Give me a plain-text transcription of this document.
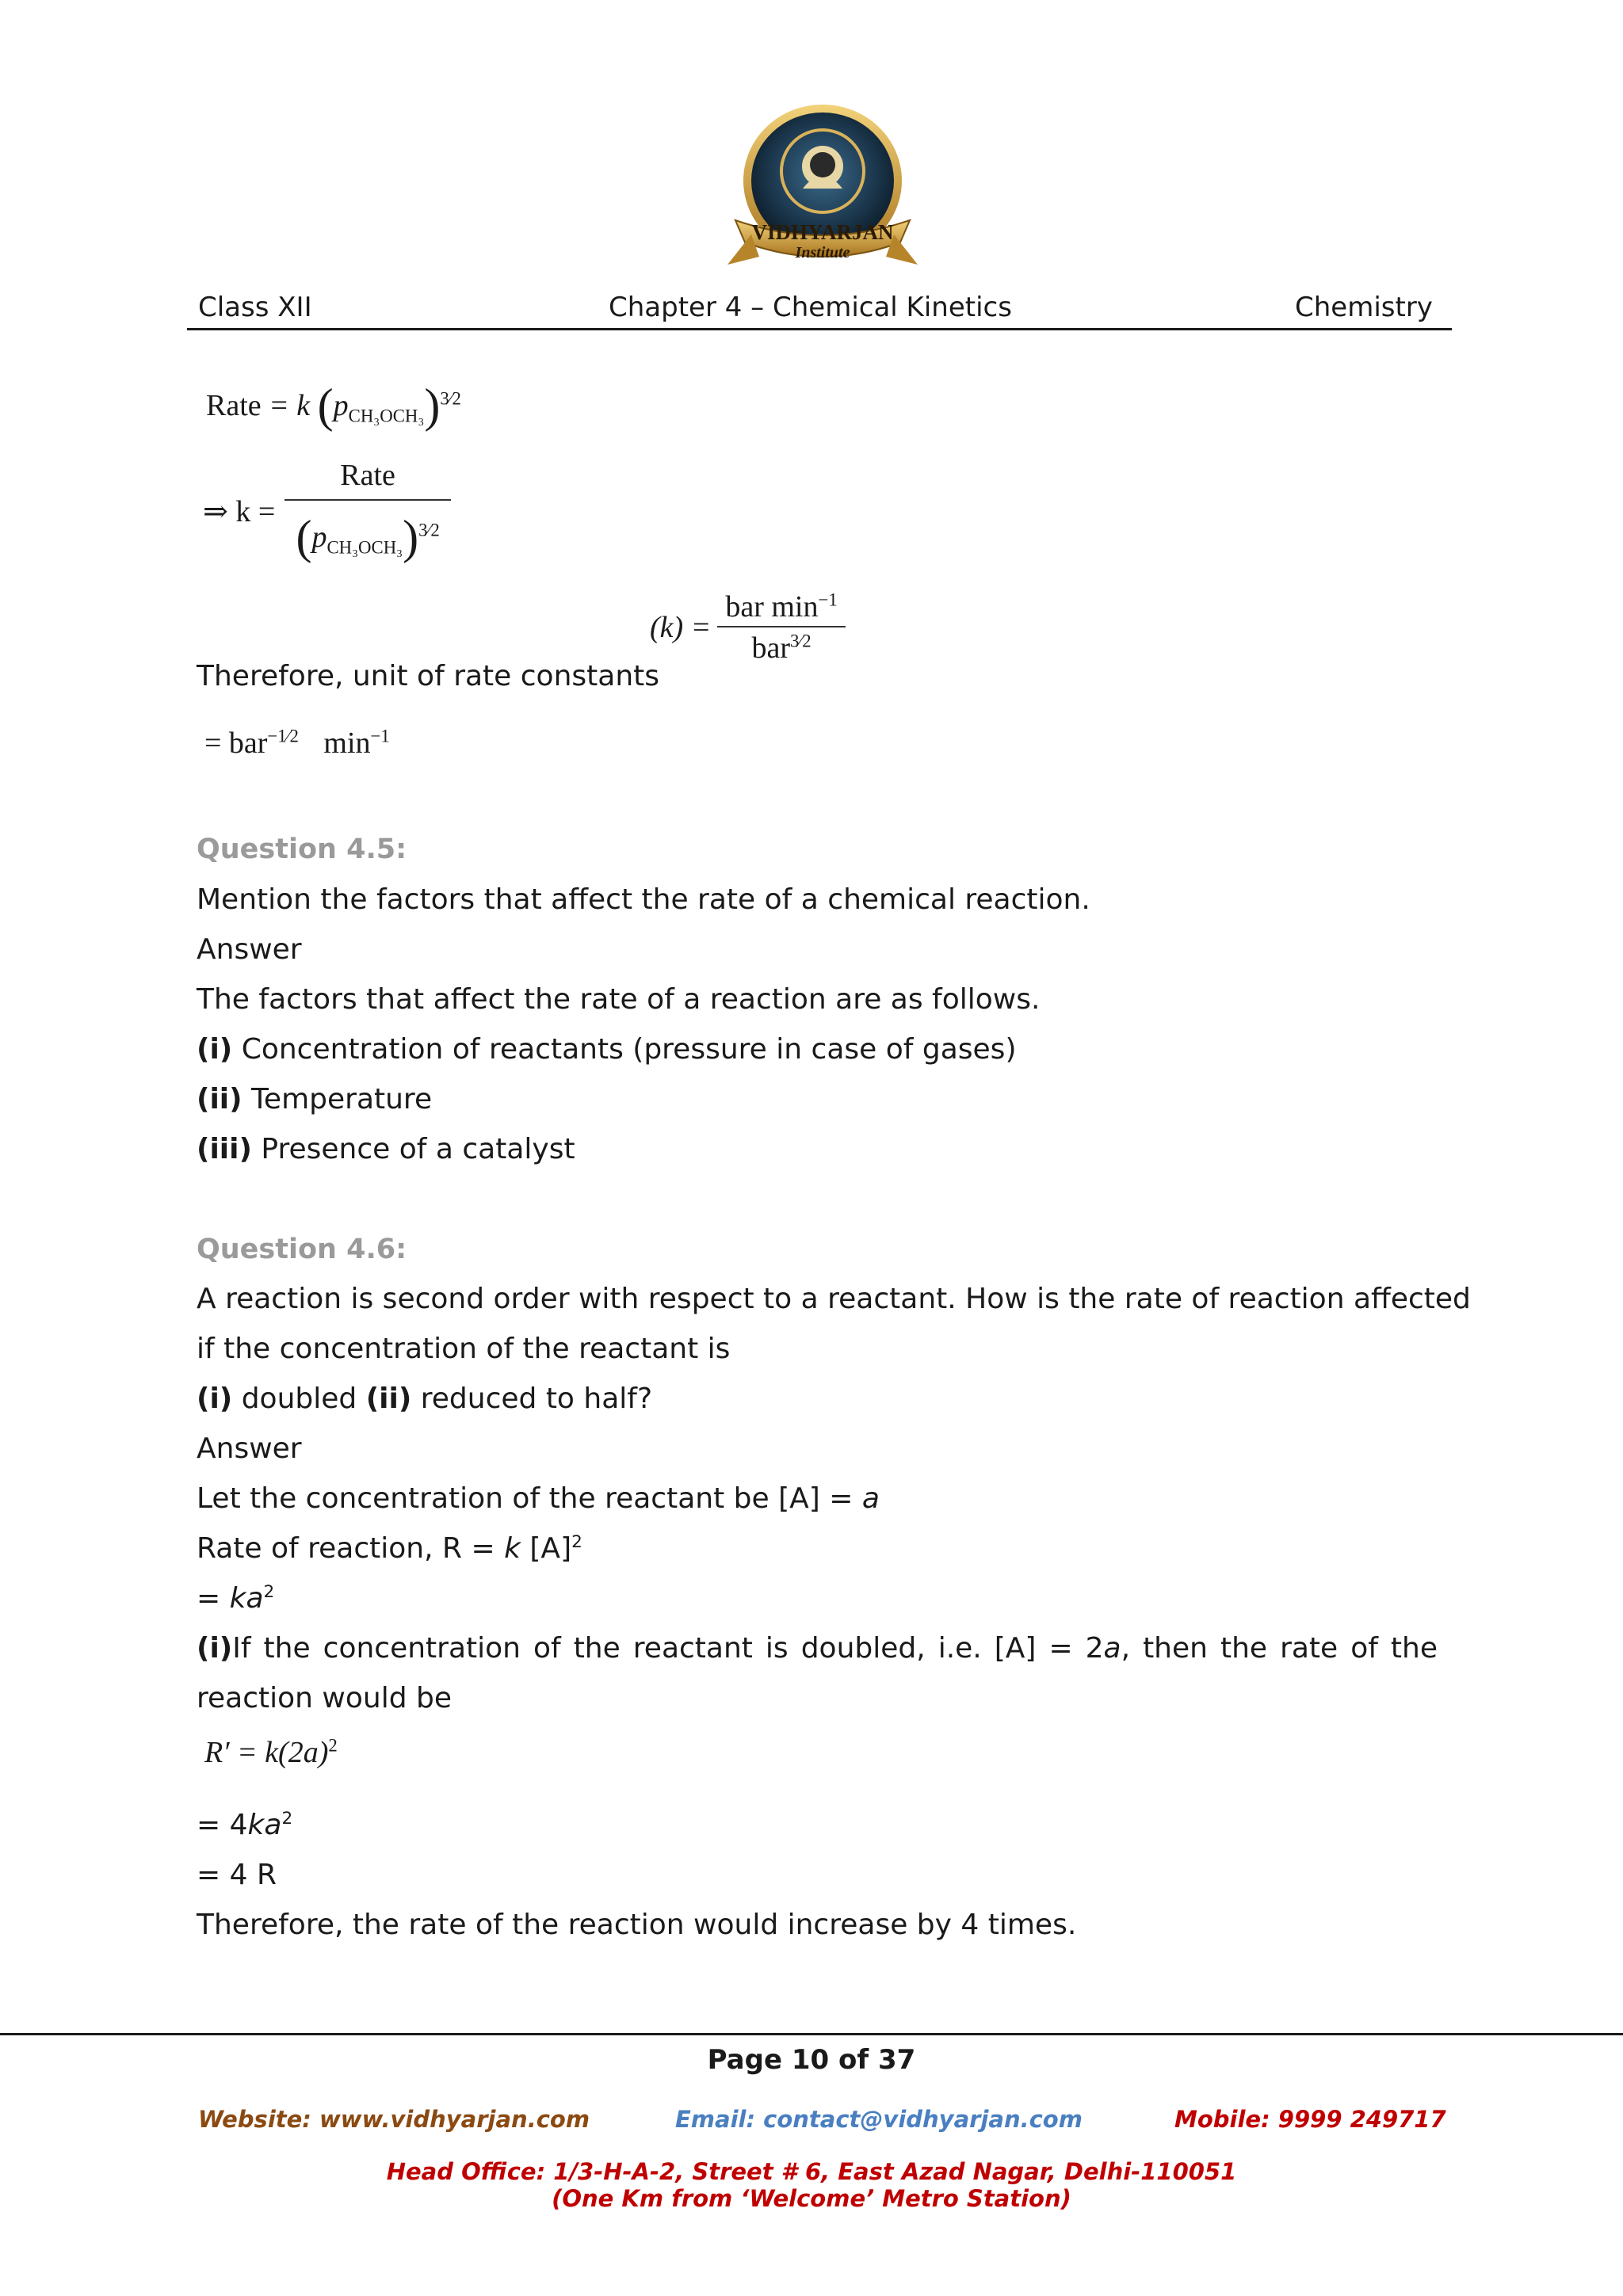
VIDHYARJAN
Institute
Class XII	Chapter 4 – Chemical Kinetics	Chemistry
Rate = k $(p_{CH_3OCH_3})^{3⁄2}$
⇒ $k = \frac{\text{Rate}}{(p_{CH_3OCH_3})^{3⁄2}}$
$(k) = \frac{bar \min^{-1}}{bar^{3⁄2}}$
Therefore, unit of rate constants
= bar$^{-1⁄2}$ $\min^{-1}$
Question 4.5:
Mention the factors that affect the rate of a chemical reaction.
Answer
The factors that affect the rate of a reaction are as follows.
(i) Concentration of reactants (pressure in case of gases)
(ii) Temperature
(iii) Presence of a catalyst
Question 4.6:
A reaction is second order with respect to a reactant. How is the rate of reaction affected
if the concentration of the reactant is
(i) doubled (ii) reduced to half?
Answer
Let the concentration of the reactant be [A] = a
Rate of reaction, R = k $[A]^2$
= $ka^2$
(i)If the concentration of the reactant is doubled, i.e. [A] = 2a, then the rate of the
reaction would be
$R' = k(2a)^2$
= $4ka^2$
= 4 R
Therefore, the rate of the reaction would increase by 4 times.
Page 10 of 37
Website: www.vidhyarjan.com	Email: contact@vidhyarjan.com	Mobile: 9999 249717
Head Office: 1/3-H-A-2, Street # 6, East Azad Nagar, Delhi-110051
(One Km from ‘Welcome’ Metro Station)
